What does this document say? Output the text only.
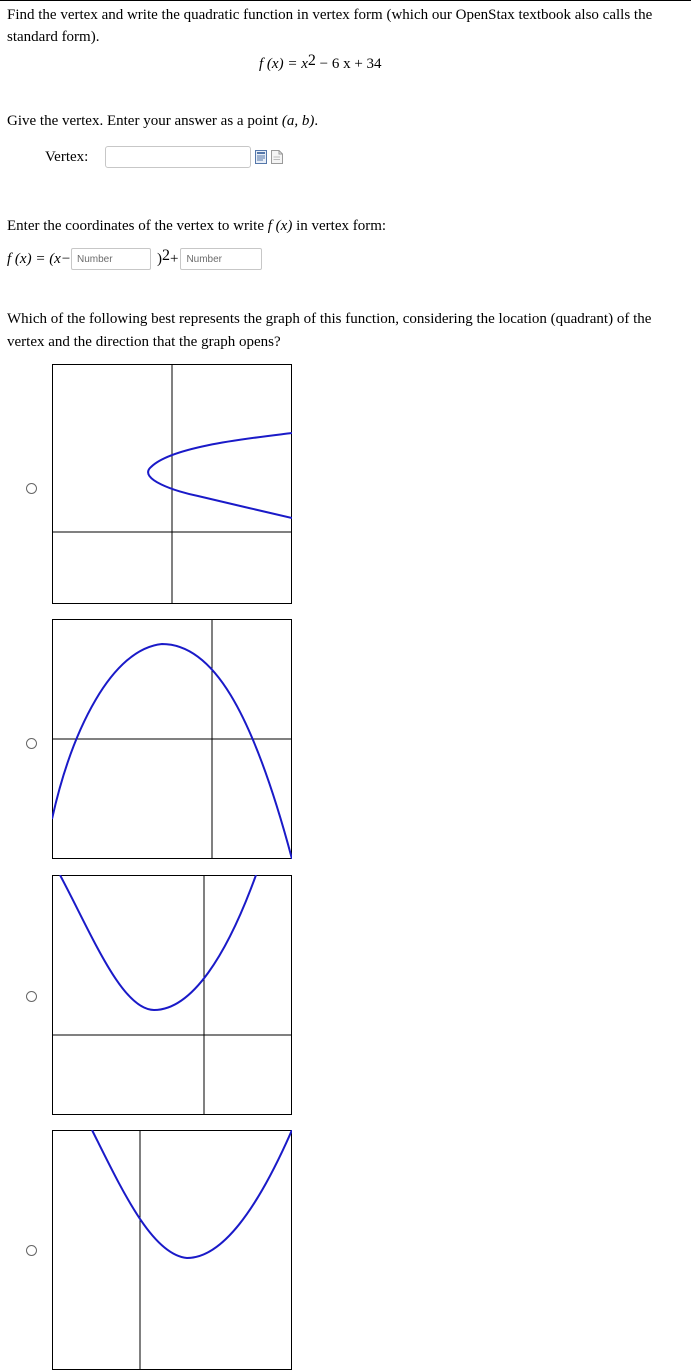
Find the vertex and write the quadratic function in vertex form (which our OpenStax textbook also calls the standard form).
f $(x) = x^2 - 6$ x + 34
Give the vertex. Enter your answer as a point (a, b).
Vertex:
Enter the coordinates of the vertex to write f (x) in vertex form:
f (x) = (x−
Number	)$^2$ +
Number
Which of the following best represents the graph of this function, considering the location (quadrant) of the vertex and the direction that the graph opens?
